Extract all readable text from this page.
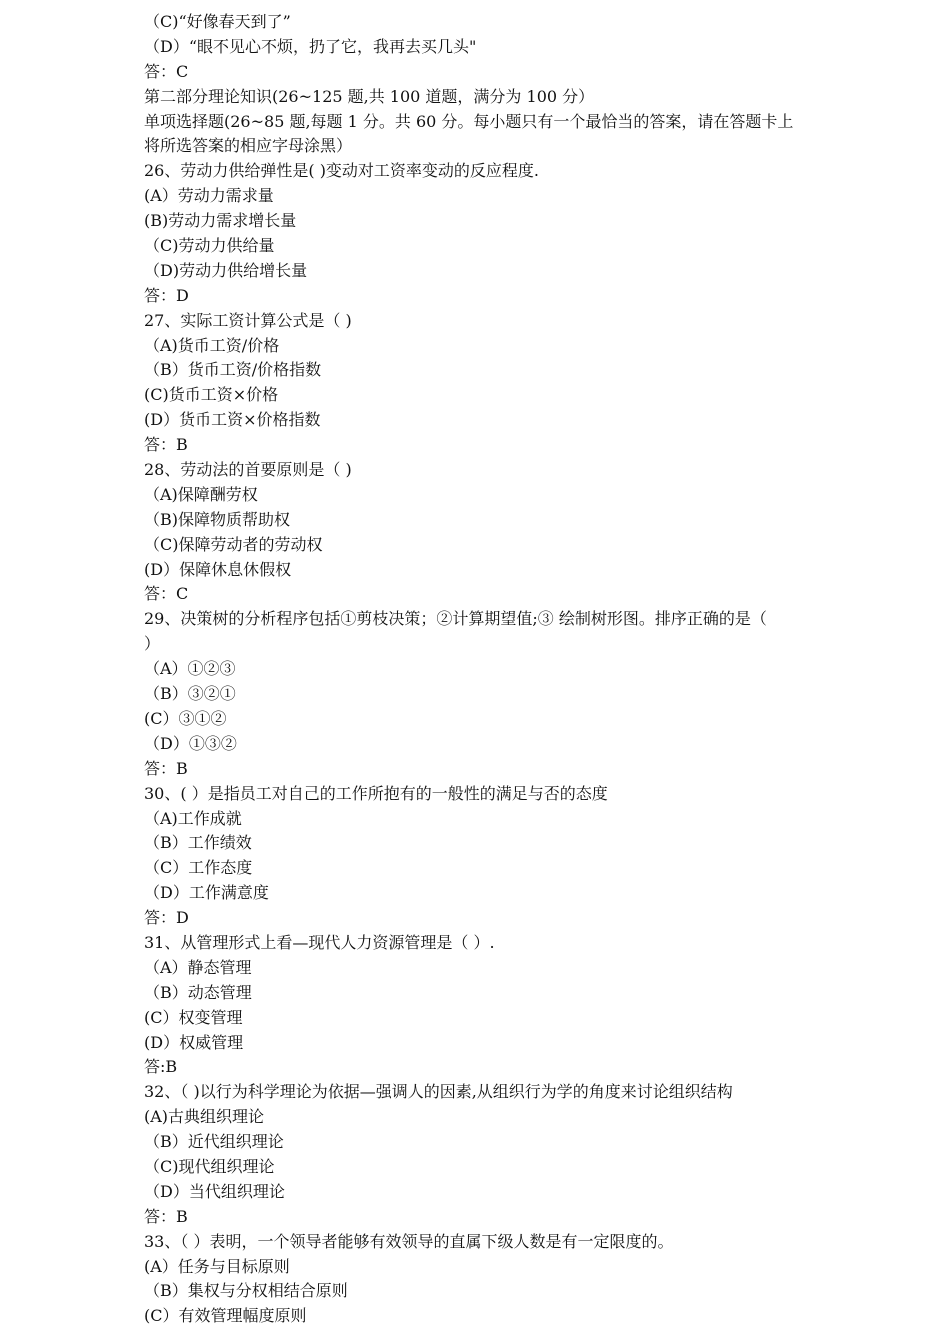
（C)“好像春天到了”
（D）“眼不见心不烦，扔了它，我再去买几头"
答：C
第二部分理论知识(26~125 题,共 100 道题，满分为 100 分）
单项选择题(26~85 题,每题 1 分。共 60 分。每小题只有一个最恰当的答案，请在答题卡上
将所选答案的相应字母涂黑）
26、劳动力供给弹性是( )变动对工资率变动的反应程度.
(A）劳动力需求量
(B)劳动力需求增长量
（C)劳动力供给量
（D)劳动力供给增长量
答：D
27、实际工资计算公式是（ )
（A)货币工资/价格
（B）货币工资/价格指数
(C)货币工资×价格
(D）货币工资×价格指数
答：B
28、劳动法的首要原则是（ )
（A)保障酬劳权
（B)保障物质帮助权
（C)保障劳动者的劳动权
(D）保障休息休假权
答：C
29、决策树的分析程序包括①剪枝决策；②计算期望值;③ 绘制树形图。排序正确的是（
）
（A）①②③
（B）③②①
(C）③①②
（D）①③②
答：B
30、( ）是指员工对自己的工作所抱有的一般性的满足与否的态度
（A)工作成就
（B）工作绩效
（C）工作态度
（D）工作满意度
答：D
31、从管理形式上看—现代人力资源管理是（ ）.
（A）静态管理
（B）动态管理
(C）权变管理
(D）权威管理
答:B
32、（ )以行为科学理论为依据—强调人的因素,从组织行为学的角度来讨论组织结构
(A)古典组织理论
（B）近代组织理论
（C)现代组织理论
（D）当代组织理论
答：B
33、（ ）表明，一个领导者能够有效领导的直属下级人数是有一定限度的。
(A）任务与目标原则
（B）集权与分权相结合原则
(C）有效管理幅度原则
